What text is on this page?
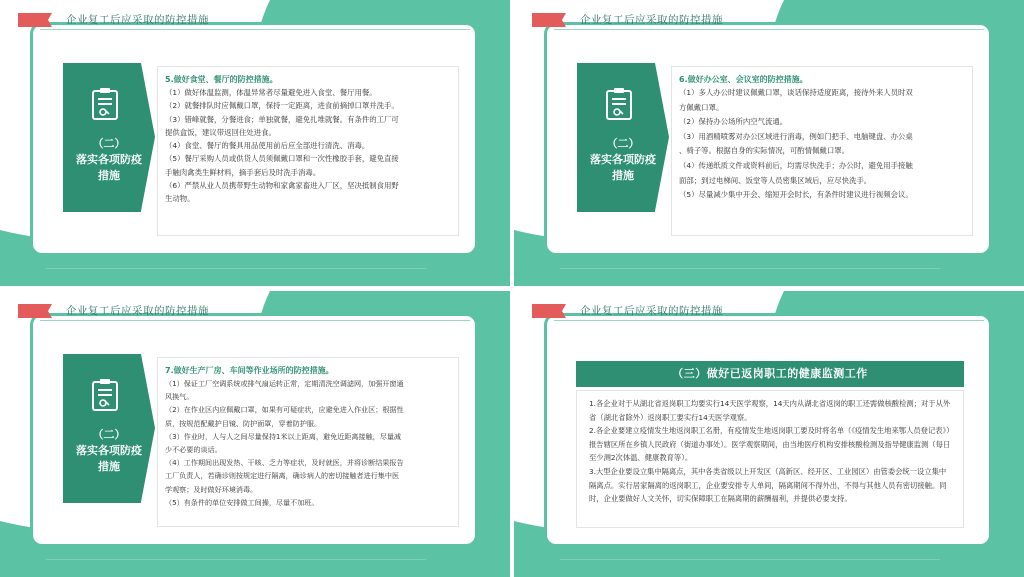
企业复工后应采取的防控措施
（二）
落实各项防疫
措施
5.做好食堂、餐厅的防控措施。
（1）做好体温监测，体温异常者尽量避免进入食堂、餐厅用餐。
（2）就餐排队时应佩戴口罩，保持一定距离，进食前摘掉口罩并洗手。
（3）错峰就餐，分餐进食；单独就餐，避免扎堆就餐。有条件的工厂可
提供盒饭，建议带返回住处进食。
（4）食堂、餐厅的餐具用品使用前后应全部进行清洗、消毒。
（5）餐厅采购人员或供货人员须佩戴口罩和一次性橡胶手套，避免直接
手触肉禽类生鲜材料，摘手套后及时洗手消毒。
（6）严禁从业人员携带野生动物和家禽家畜进入厂区，坚决抵制食用野
生动物。
企业复工后应采取的防控措施
（二）
落实各项防疫
措施
6.做好办公室、会议室的防控措施。
（1）多人办公时建议佩戴口罩，谈话保持适度距离，接待外来人员时双
方佩戴口罩。
（2）保持办公场所内空气流通。
（3）用酒精喷雾对办公区域进行消毒，例如门把手、电脑键盘、办公桌
、椅子等。根据自身的实际情况，可酌情佩戴口罩。
（4）传递纸质文件或资料前后，均需尽快洗手；办公时，避免用手接触
面部；到过电梯间、饭堂等人员密集区域后，应尽快洗手。
（5）尽量减少集中开会、缩短开会时长，有条件时建议进行视频会议。
企业复工后应采取的防控措施
（二）
落实各项防疫
措施
7.做好生产厂房、车间等作业场所的防控措施。
（1）保证工厂空调系统或排气扇运转正常，定期清洗空调滤网，加强开窗通
风换气。
（2）在作业区内应佩戴口罩，如果有可疑症状，应避免进入作业区；根据性
质，按规范配戴护目镜、防护面罩，穿着防护服。
（3）作业时，人与人之间尽量保持1米以上距离，避免近距离接触，尽量减
少不必要的谈话。
（4）工作期间出现发热、干咳、乏力等症状，及时就医，并将诊断结果报告
工厂负责人，若确诊则按规定进行隔离，确诊病人的密切接触者进行集中医
学观察；及时做好环境消毒。
（5）有条件的单位安排做工间操，尽量不加班。
企业复工后应采取的防控措施
（三）做好已返岗职工的健康监测工作

1.各企业对于从湖北省返岗职工均要实行14天医学观察，14天内从湖北省返岗的职工还需做核酸检测；对于从外省（湖北省除外）返岗职工要实行14天医学观察。

2.各企业要建立疫情发生地返岗职工名册，有疫情发生地返岗职工要及时将名单（《疫情发生地来鄂人员登记表》）报告辖区所在乡镇人民政府（街道办事处）。医学观察期间，由当地医疗机构安排核酸检测及指导健康监测（每日至少测2次体温、健康教育等）。

3.大型企业要设立集中隔离点，其中各类省级以上开发区（高新区、经开区、工业园区）由管委会统一设立集中隔离点。实行居家隔离的返岗职工，企业要安排专人单间，隔离期间不得外出，不得与其他人员有密切接触。同时，企业要做好人文关怀，切实保障职工在隔离期的薪酬福利，并提供必要支持。
